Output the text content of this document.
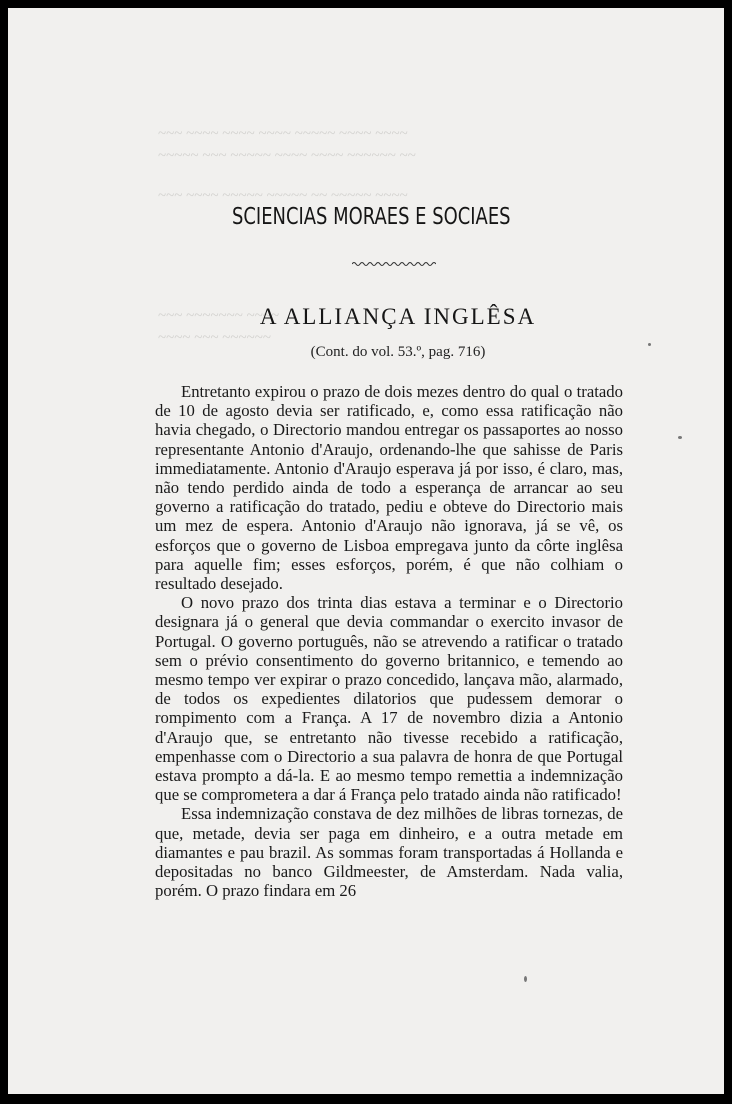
~~~ ~~~~ ~~~~ ~~~~ ~~~~~ ~~~~ ~~~~
~~~~~ ~~~ ~~~~~ ~~~~ ~~~~ ~~~~~~ ~~
~~~ ~~~~ ~~~~~ ~~~~~ ~~ ~~~~~ ~~~~
~~~ ~~~~~~~ ~~~~
~~~~ ~~~ ~~~~~~
SCIENCIAS MORAES E SOCIAES
A ALLIANÇA INGLÊSA
(Cont. do vol. 53.º, pag. 716)

Entretanto expirou o prazo de dois mezes dentro do qual o tratado de 10 de agosto devia ser ratificado, e, como essa ratificação não havia chegado, o Directorio mandou entregar os passaportes ao nosso representante Antonio d'Araujo, ordenando-lhe que sahisse de Paris immediatamente. Antonio d'Araujo esperava já por isso, é claro, mas, não tendo perdido ainda de todo a esperança de arrancar ao seu governo a ratificação do tratado, pediu e obteve do Directorio mais um mez de espera. Antonio d'Araujo não ignorava, já se vê, os esforços que o governo de Lisboa empregava junto da côrte inglêsa para aquelle fim; esses esforços, porém, é que não colhiam o resultado desejado.

O novo prazo dos trinta dias estava a terminar e o Directorio designara já o general que devia commandar o exercito invasor de Portugal. O governo português, não se atrevendo a ratificar o tratado sem o prévio consentimento do governo britannico, e temendo ao mesmo tempo ver expirar o prazo concedido, lançava mão, alarmado, de todos os expedientes dilatorios que pudessem demorar o rompimento com a França. A 17 de novembro dizia a Antonio d'Araujo que, se entretanto não tivesse recebido a ratificação, empenhasse com o Directorio a sua palavra de honra de que Portugal estava prompto a dá-la. E ao mesmo tempo remettia a indemnização que se comprometera a dar á França pelo tratado ainda não ratificado!

Essa indemnização constava de dez milhões de libras tornezas, de que, metade, devia ser paga em dinheiro, e a outra metade em diamantes e pau brazil. As sommas foram transportadas á Hollanda e depositadas no banco Gildmeester, de Amsterdam. Nada valia, porém. O prazo findara em 26
